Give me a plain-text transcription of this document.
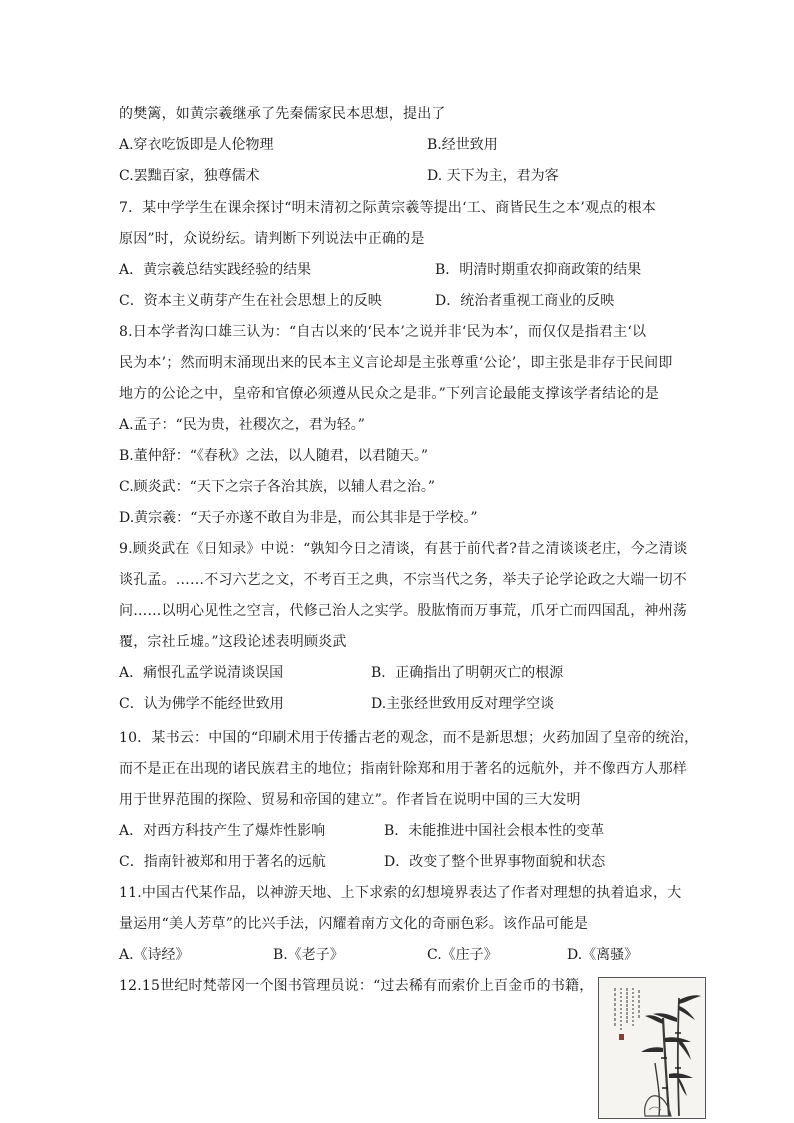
的樊篱，如黄宗羲继承了先秦儒家民本思想，提出了
A.穿衣吃饭即是人伦物理	B.经世致用
C.罢黜百家，独尊儒术	D. 天下为主，君为客
7．某中学学生在课余探讨“明末清初之际黄宗羲等提出‘工、商皆民生之本’观点的根本
原因”时，众说纷纭。请判断下列说法中正确的是
A．黄宗羲总结实践经验的结果	B．明清时期重农抑商政策的结果
C．资本主义萌芽产生在社会思想上的反映	D．统治者重视工商业的反映
8.日本学者沟口雄三认为：“自古以来的‘民本’之说并非‘民为本’，而仅仅是指君主‘以
民为本’；然而明末涌现出来的民本主义言论却是主张尊重‘公论’，即主张是非存于民间即
地方的公论之中，皇帝和官僚必须遵从民众之是非。”下列言论最能支撑该学者结论的是
A.孟子：“民为贵，社稷次之，君为轻。”
B.董仲舒：“《春秋》之法，以人随君，以君随天。”
C.顾炎武：“天下之宗子各治其族，以辅人君之治。”
D.黄宗羲：“天子亦遂不敢自为非是，而公其非是于学校。”
9.顾炎武在《日知录》中说：“孰知今日之清谈，有甚于前代者?昔之清谈谈老庄，今之清谈
谈孔孟。……不习六艺之文，不考百王之典，不宗当代之务，举夫子论学论政之大端一切不
问……以明心见性之空言，代修己治人之实学。股肱惰而万事荒，爪牙亡而四国乱，神州荡
覆，宗社丘墟。”这段论述表明顾炎武
A．痛恨孔孟学说清谈误国	B．正确指出了明朝灭亡的根源
C．认为佛学不能经世致用	D.主张经世致用反对理学空谈
10．某书云：中国的“印刷术用于传播古老的观念，而不是新思想；火药加固了皇帝的统治，
而不是正在出现的诸民族君主的地位；指南针除郑和用于著名的远航外，并不像西方人那样
用于世界范围的探险、贸易和帝国的建立”。作者旨在说明中国的三大发明
A．对西方科技产生了爆炸性影响	B．未能推进中国社会根本性的变革
C．指南针被郑和用于著名的远航	D．改变了整个世界事物面貌和状态
11.中国古代某作品，以神游天地、上下求索的幻想境界表达了作者对理想的执着追求，大
量运用“美人芳草”的比兴手法，闪耀着南方文化的奇丽色彩。该作品可能是
A.《诗经》	B.《老子》	C.《庄子》	D.《离骚》
12.15世纪时梵蒂冈一个图书管理员说：“过去稀有而索价上百金币的书籍，
